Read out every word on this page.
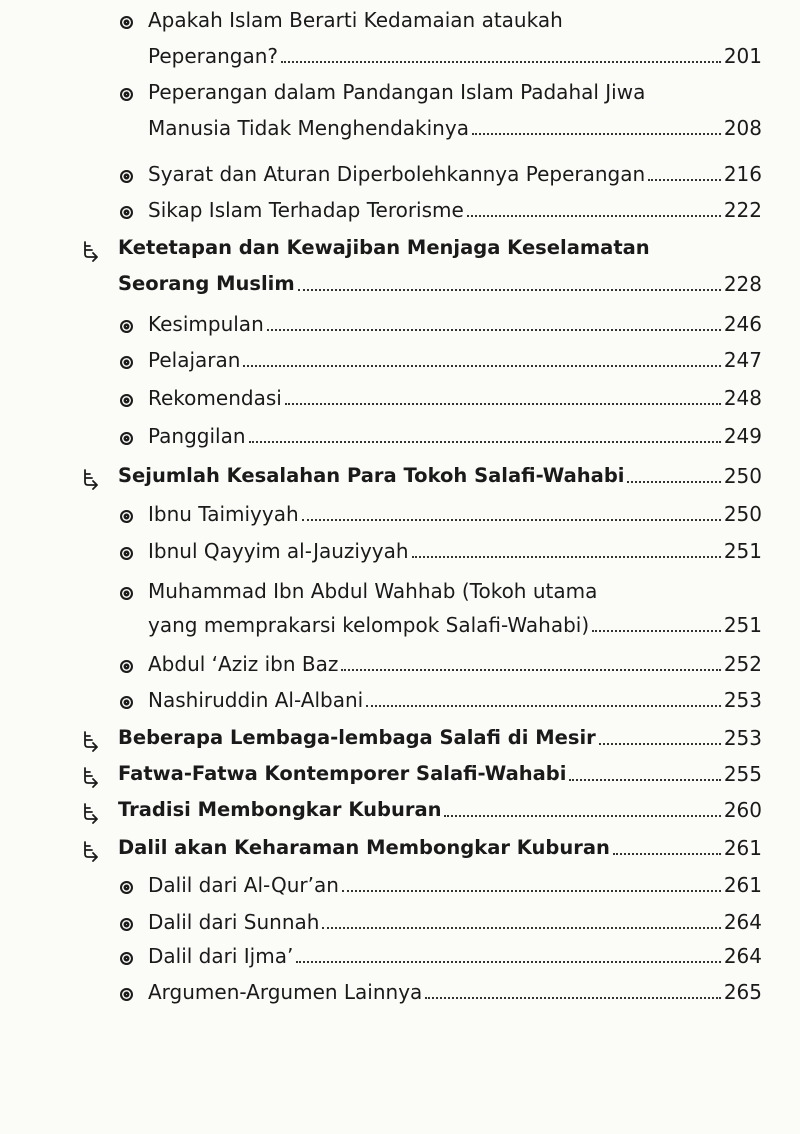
Apakah Islam Berarti Kedamaian ataukah
Peperangan?	201
Peperangan dalam Pandangan Islam Padahal Jiwa
Manusia Tidak Menghendakinya	208
Syarat dan Aturan Diperbolehkannya Peperangan	216
Sikap Islam Terhadap Terorisme	222
Ketetapan dan Kewajiban Menjaga Keselamatan
Seorang Muslim	228
Kesimpulan	246
Pelajaran	247
Rekomendasi	248
Panggilan	249
Sejumlah Kesalahan Para Tokoh Salafi-Wahabi	250
Ibnu Taimiyyah	250
Ibnul Qayyim al-Jauziyyah	251
Muhammad Ibn Abdul Wahhab (Tokoh utama
yang memprakarsi kelompok Salafi-Wahabi)	251
Abdul ‘Aziz ibn Baz	252
Nashiruddin Al-Albani	253
Beberapa Lembaga-lembaga Salafi di Mesir	253
Fatwa-Fatwa Kontemporer Salafi-Wahabi	255
Tradisi Membongkar Kuburan	260
Dalil akan Keharaman Membongkar Kuburan	261
Dalil dari Al-Qur’an	261
Dalil dari Sunnah	264
Dalil dari Ijma’	264
Argumen-Argumen Lainnya	265
